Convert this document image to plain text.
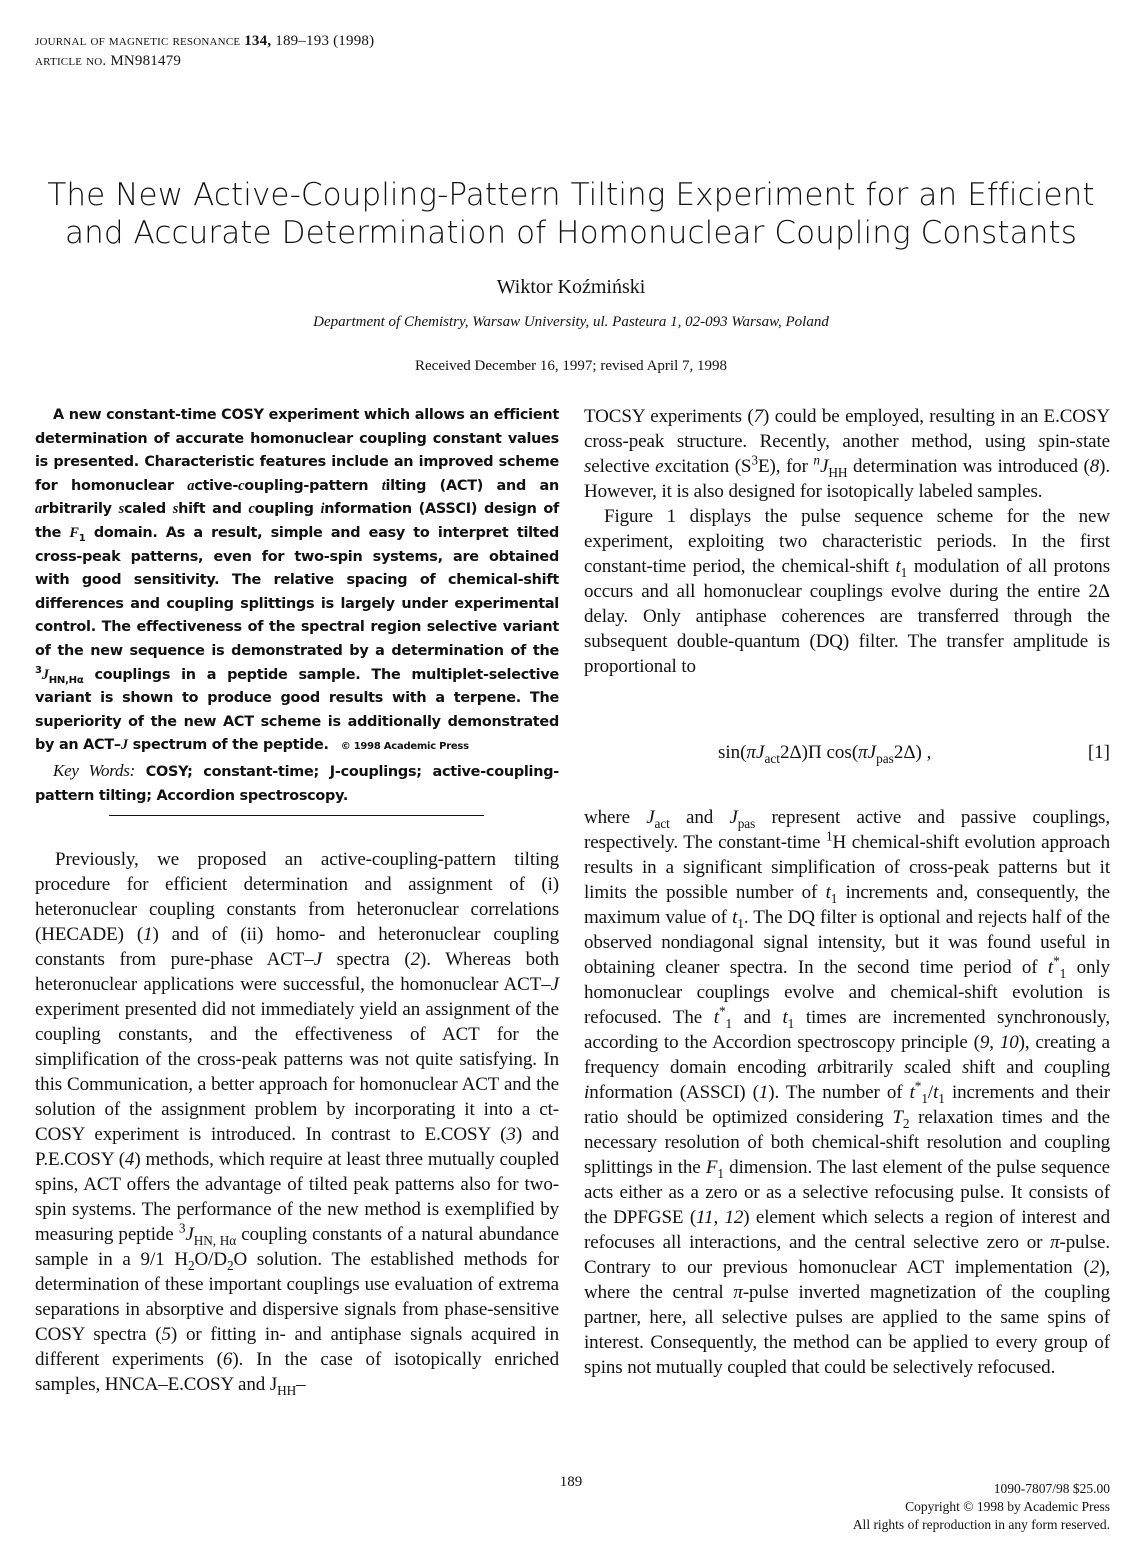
journal of magnetic resonance 134, 189–193 (1998)
article no. MN981479
The New Active-Coupling-Pattern Tilting Experiment for an Efficient
and Accurate Determination of Homonuclear Coupling Constants
Wiktor Koźmiński
Department of Chemistry, Warsaw University, ul. Pasteura 1, 02-093 Warsaw, Poland
Received December 16, 1997; revised April 7, 1998

A new constant-time COSY experiment which allows an efficient determination of accurate homonuclear coupling constant values is presented. Characteristic features include an improved scheme for homonuclear active-coupling-pattern tilting (ACT) and an arbitrarily scaled shift and coupling information (ASSCI) design of the $F_1$ domain. As a result, simple and easy to interpret tilted cross-peak patterns, even for two-spin systems, are obtained with good sensitivity. The relative spacing of chemical-shift differences and coupling splittings is largely under experimental control. The effectiveness of the spectral region selective variant of the new sequence is demonstrated by a determination of the $^3J_{HN,H\alpha}$ couplings in a peptide sample. The multiplet-selective variant is shown to produce good results with a terpene. The superiority of the new ACT scheme is additionally demonstrated by an ACT–J spectrum of the peptide. © 1998 Academic Press

Key Words: COSY; constant-time; J-couplings; active-coupling-pattern tilting; Accordion spectroscopy.

Previously, we proposed an active-coupling-pattern tilting procedure for efficient determination and assignment of (i) heteronuclear coupling constants from heteronuclear correlations (HECADE) (1) and of (ii) homo- and heteronuclear coupling constants from pure-phase ACT–J spectra (2). Whereas both heteronuclear applications were successful, the homonuclear ACT–J experiment presented did not immediately yield an assignment of the coupling constants, and the effectiveness of ACT for the simplification of the cross-peak patterns was not quite satisfying. In this Communication, a better approach for homonuclear ACT and the solution of the assignment problem by incorporating it into a ct-COSY experiment is introduced. In contrast to E.COSY (3) and P.E.COSY (4) methods, which require at least three mutually coupled spins, ACT offers the advantage of tilted peak patterns also for two-spin systems. The performance of the new method is exemplified by measuring peptide $^3J_{HN, H\alpha}$ coupling constants of a natural abundance sample in a 9/1 $H_2O/D_2O$ solution. The established methods for determination of these important couplings use evaluation of extrema separations in absorptive and dispersive signals from phase-sensitive COSY spectra (5) or fitting in- and antiphase signals acquired in different experiments (6). In the case of isotopically enriched samples, HNCA–E.COSY and $J_{HH}-$

TOCSY experiments (7) could be employed, resulting in an E.COSY cross-peak structure. Recently, another method, using spin-state selective excitation $(S^3E)$, for $^nJ_{HH}$ determination was introduced (8). However, it is also designed for isotopically labeled samples.

Figure 1 displays the pulse sequence scheme for the new experiment, exploiting two characteristic periods. In the first constant-time period, the chemical-shift $t_1$ modulation of all protons occurs and all homonuclear couplings evolve during the entire 2Δ delay. Only antiphase coherences are transferred through the subsequent double-quantum (DQ) filter. The transfer amplitude is proportional to

$\sin(\pi J_{act}2\Delta)\Pi$ $\cos(\pi J_{pas}2\Delta)$ ,	[1]

where $J_{act}$ and $J_{pas}$ represent active and passive couplings, respectively. The constant-time $^1$H chemical-shift evolution approach results in a significant simplification of cross-peak patterns but it limits the possible number of $t_1$ increments and, consequently, the maximum value of $t_1$. The DQ filter is optional and rejects half of the observed nondiagonal signal intensity, but it was found useful in obtaining cleaner spectra. In the second time period of $t^*_1$ only homonuclear couplings evolve and chemical-shift evolution is refocused. The $t^*_1$ and $t_1$ times are incremented synchronously, according to the Accordion spectroscopy principle (9, 10), creating a frequency domain encoding arbitrarily scaled shift and coupling information (ASSCI) (1). The number of $t^*_1/t_1$ increments and their ratio should be optimized considering $T_2$ relaxation times and the necessary resolution of both chemical-shift resolution and coupling splittings in the $F_1$ dimension. The last element of the pulse sequence acts either as a zero or as a selective refocusing pulse. It consists of the DPFGSE (11, 12) element which selects a region of interest and refocuses all interactions, and the central selective zero or π-pulse. Contrary to our previous homonuclear ACT implementation (2), where the central π-pulse inverted magnetization of the coupling partner, here, all selective pulses are applied to the same spins of interest. Consequently, the method can be applied to every group of spins not mutually coupled that could be selectively refocused.

189	1090-7807/98 $25.00
Copyright © 1998 by Academic Press
All rights of reproduction in any form reserved.
